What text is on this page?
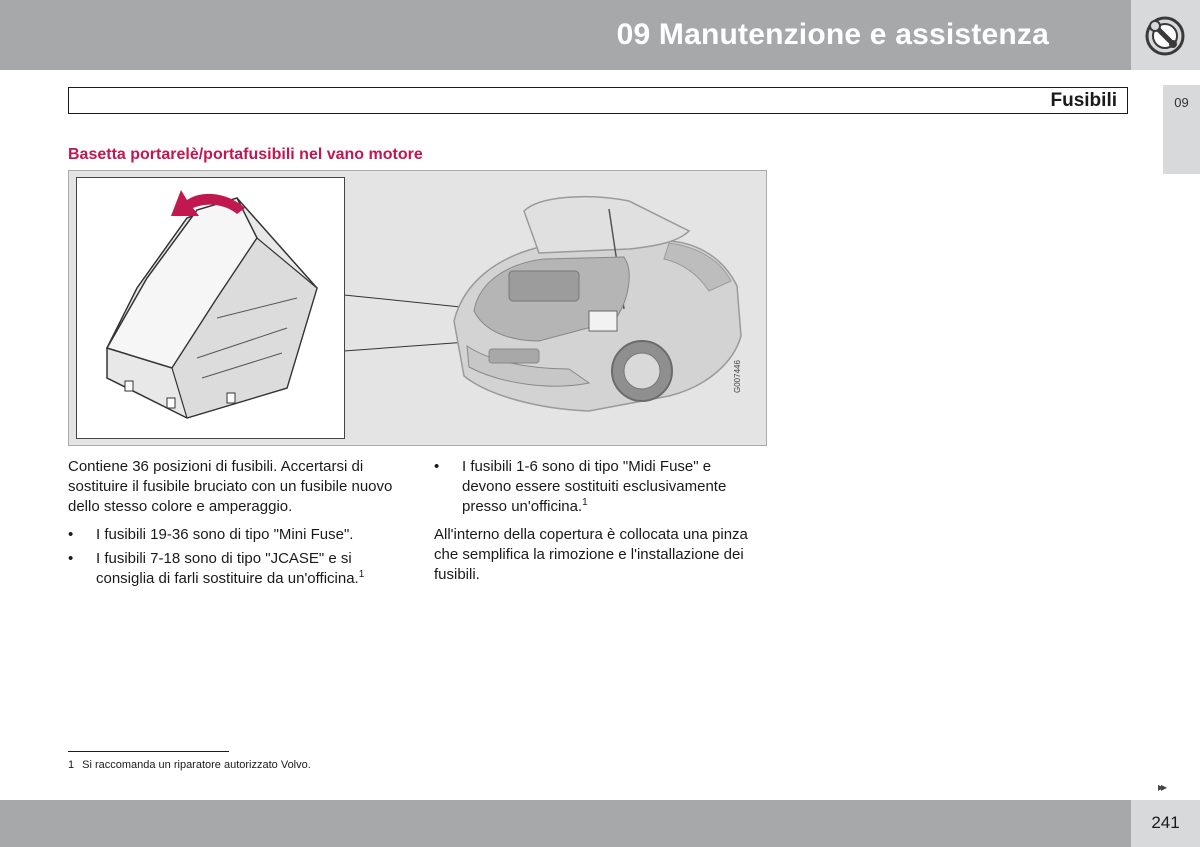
09 Manutenzione e assistenza
09
Fusibili
Basetta portarelè/portafusibili nel vano motore
G007446

Contiene 36 posizioni di fusibili. Accertarsi di sostituire il fusibile bruciato con un fusibile nuovo dello stesso colore e amperaggio.

• I fusibili 19-36 sono di tipo "Mini Fuse".
• I fusibili 7-18 sono di tipo "JCASE" e si consiglia di farli sostituire da un'officina.$^1$
• I fusibili 1-6 sono di tipo "Midi Fuse" e devono essere sostituiti esclusivamente presso un'officina.$^1$

All'interno della copertura è collocata una pinza che semplifica la rimozione e l'installazione dei fusibili.

1 Si raccomanda un riparatore autorizzato Volvo.
▸▸
241
